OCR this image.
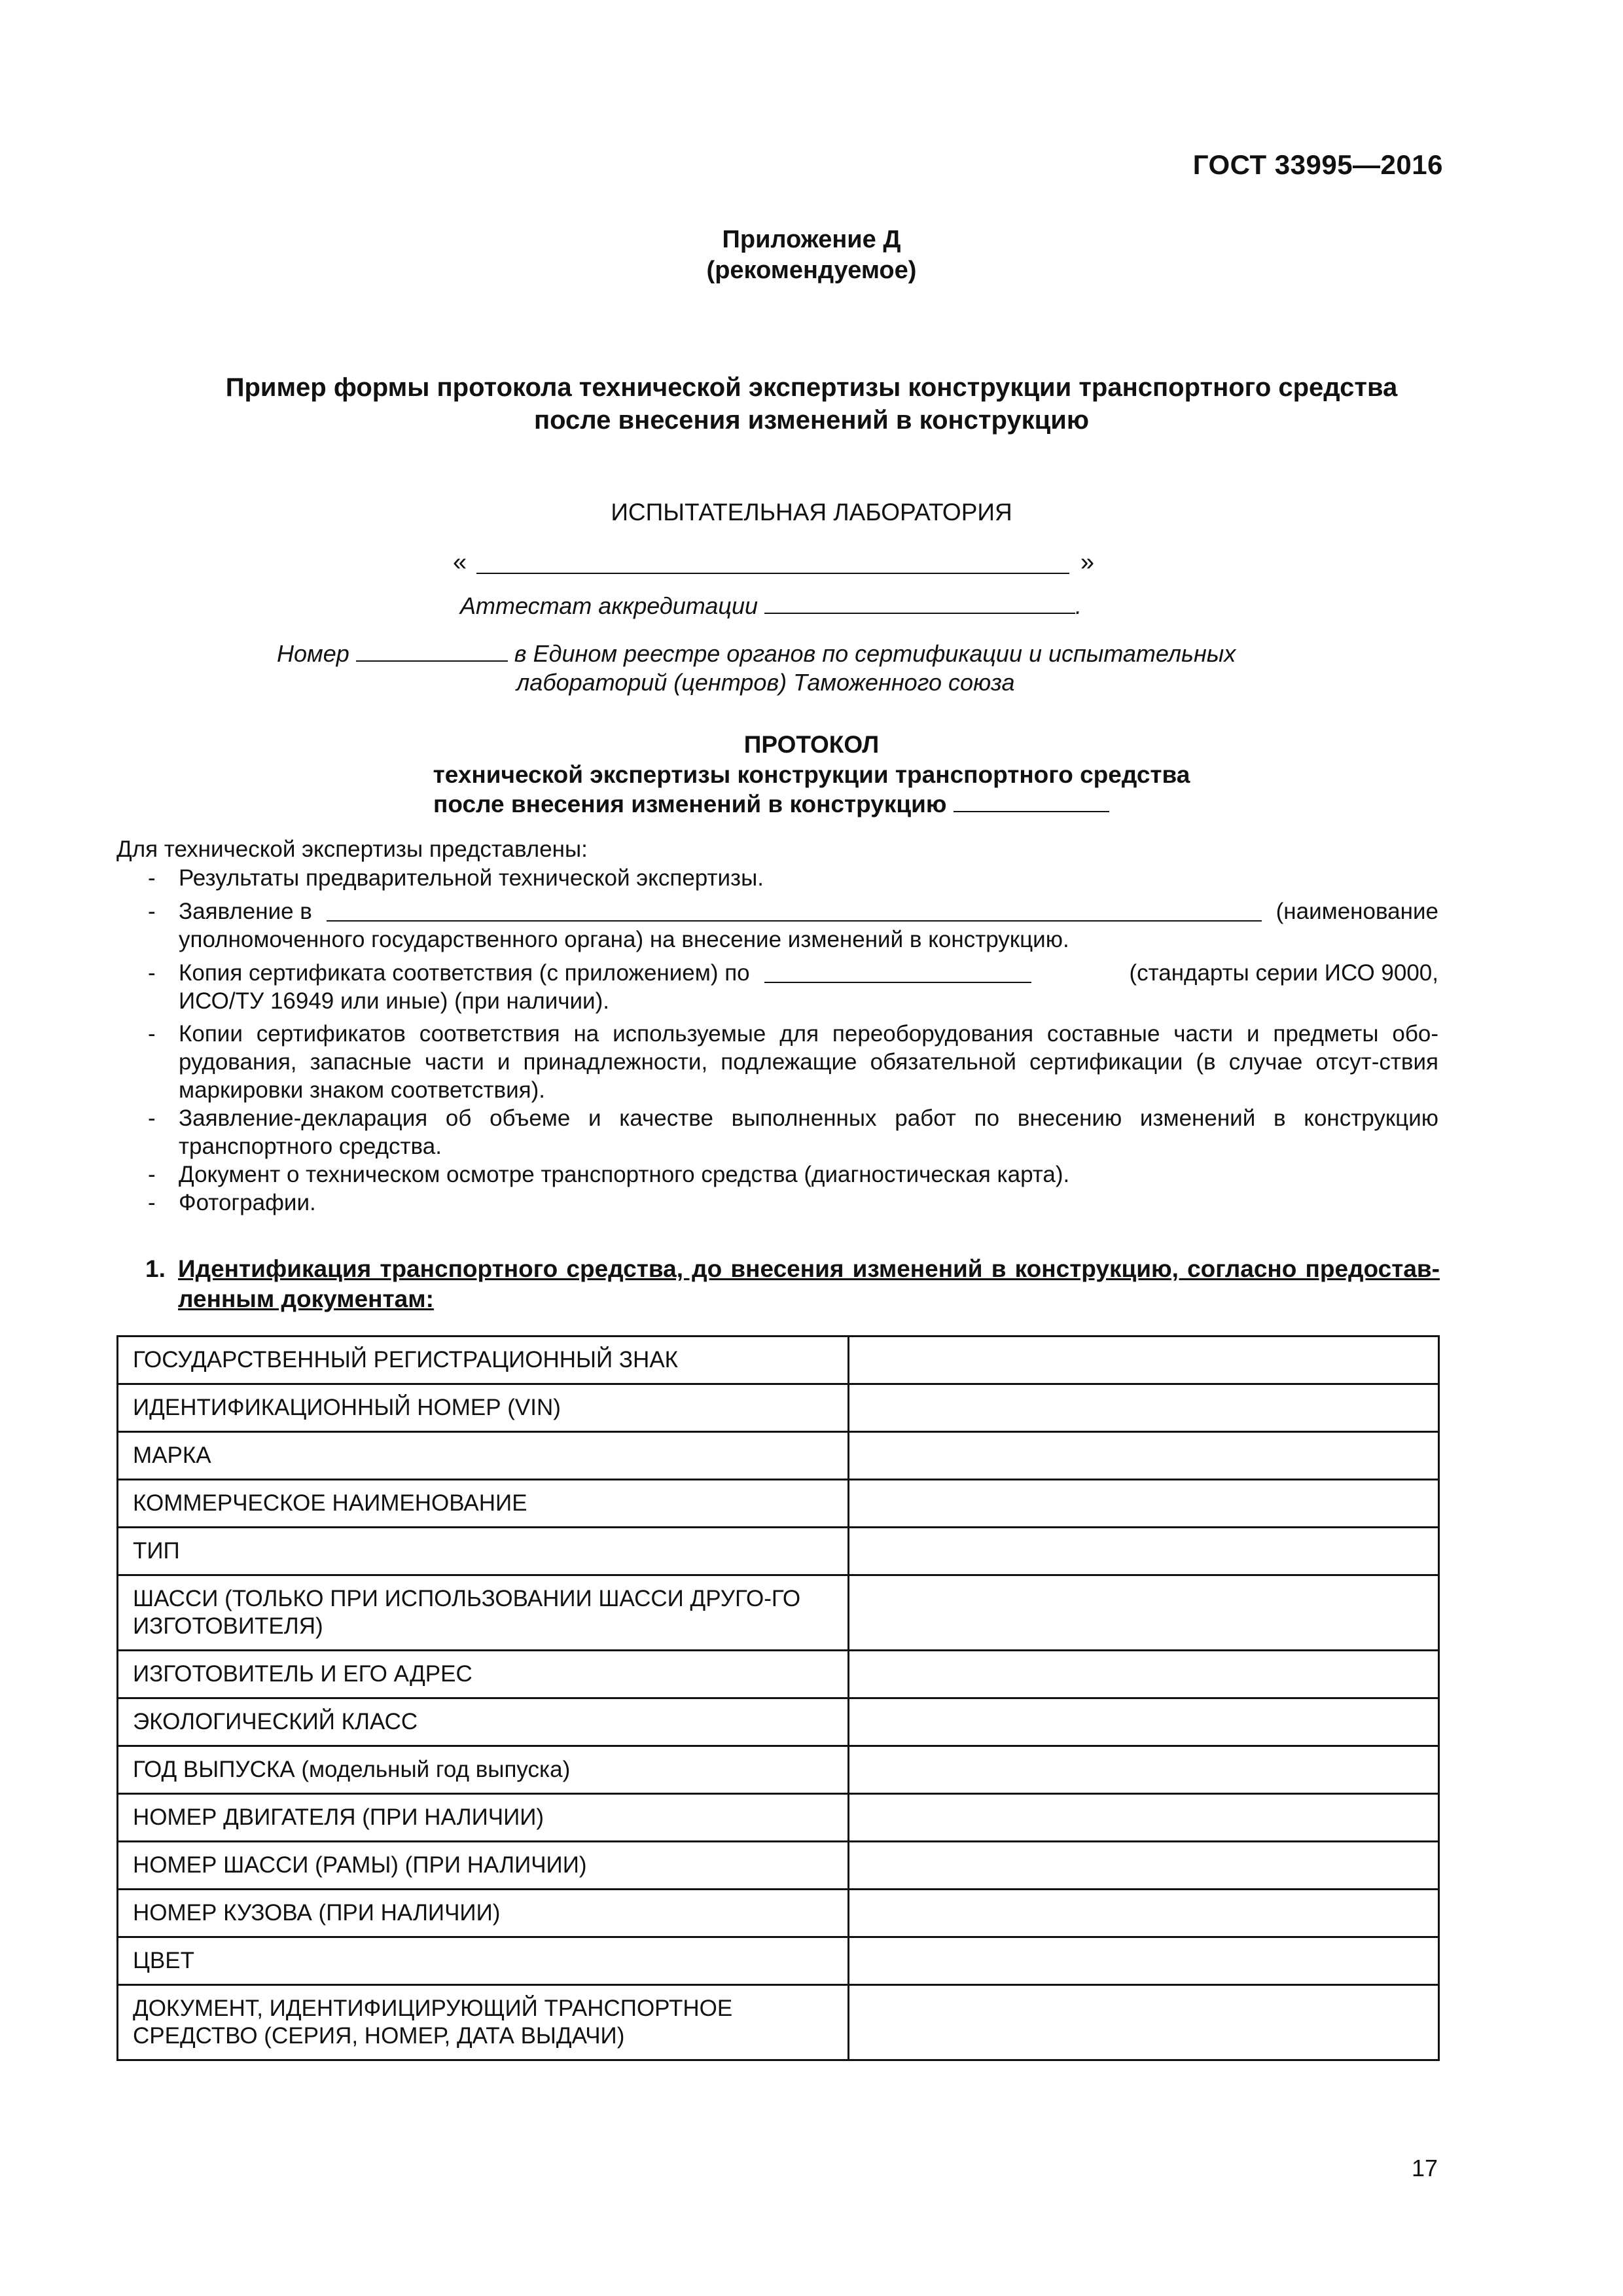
ГОСТ 33995—2016
Приложение Д
(рекомендуемое)
Пример формы протокола технической экспертизы конструкции транспортного средства
после внесения изменений в конструкцию
ИСПЫТАТЕЛЬНАЯ ЛАБОРАТОРИЯ
«	»
Аттестат аккредитации	.
Номер	в Едином реестре органов по сертификации и испытательных
лабораторий (центров) Таможенного союза
ПРОТОКОЛ
технической экспертизы конструкции транспортного средства
после внесения изменений в конструкцию
Для технической экспертизы представлены:
- Результаты предварительной технической экспертизы.
- Заявление в	(наименование
уполномоченного государственного органа) на внесение изменений в конструкцию.
- Копия сертификата соответствия (с приложением) по	(стандарты серии ИСО 9000,
ИСО/ТУ 16949 или иные) (при наличии).
- Копии сертификатов соответствия на используемые для переоборудования составные части и предметы обо-рудования, запасные части и принадлежности, подлежащие обязательной сертификации (в случае отсут-ствия маркировки знаком соответствия).
- Заявление-декларация об объеме и качестве выполненных работ по внесению изменений в конструкцию транспортного средства.
- Документ о техническом осмотре транспортного средства (диагностическая карта).
- Фотографии.
1. Идентификация транспортного средства, до внесения изменений в конструкцию, согласно предостав-ленным документам:
ГОСУДАРСТВЕННЫЙ РЕГИСТРАЦИОННЫЙ ЗНАК	
ИДЕНТИФИКАЦИОННЫЙ НОМЕР (VIN)	
МАРКА	
КОММЕРЧЕСКОЕ НАИМЕНОВАНИЕ	
ТИП	
ШАССИ (ТОЛЬКО ПРИ ИСПОЛЬЗОВАНИИ ШАССИ ДРУГО-ГО ИЗГОТОВИТЕЛЯ)	
ИЗГОТОВИТЕЛЬ И ЕГО АДРЕС	
ЭКОЛОГИЧЕСКИЙ КЛАСС	
ГОД ВЫПУСКА (модельный год выпуска)	
НОМЕР ДВИГАТЕЛЯ (ПРИ НАЛИЧИИ)	
НОМЕР ШАССИ (РАМЫ) (ПРИ НАЛИЧИИ)	
НОМЕР КУЗОВА (ПРИ НАЛИЧИИ)	
ЦВЕТ	
ДОКУМЕНТ, ИДЕНТИФИЦИРУЮЩИЙ ТРАНСПОРТНОЕ СРЕДСТВО (СЕРИЯ, НОМЕР, ДАТА ВЫДАЧИ)	
17
